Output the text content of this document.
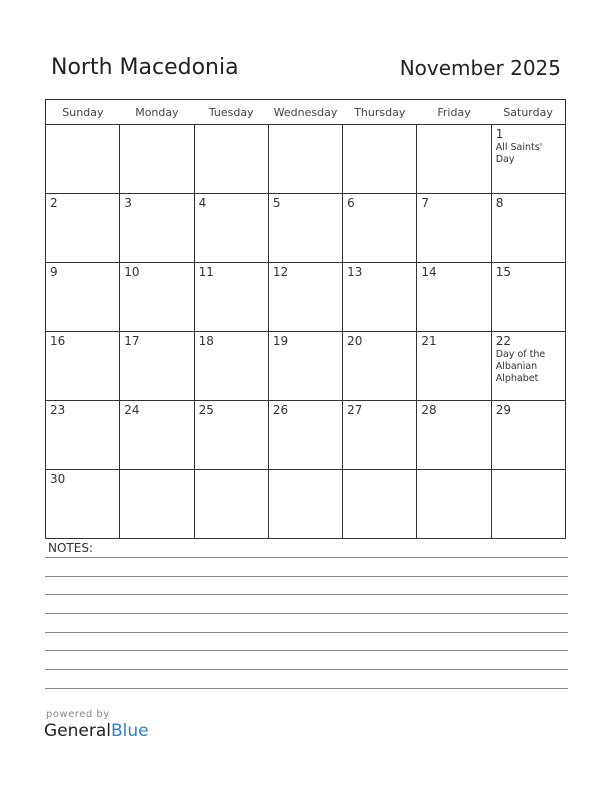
North Macedonia	November 2025
Sunday	Monday	Tuesday	Wednesday	Thursday	Friday	Saturday

						1
All Saints' Day

2	3	4	5	6	7	8

9	10	11	12	13	14	15

16	17	18	19	20	21	22
Day of the Albanian Alphabet

23	24	25	26	27	28	29

30						

NOTES:
powered by
GeneralBlue
